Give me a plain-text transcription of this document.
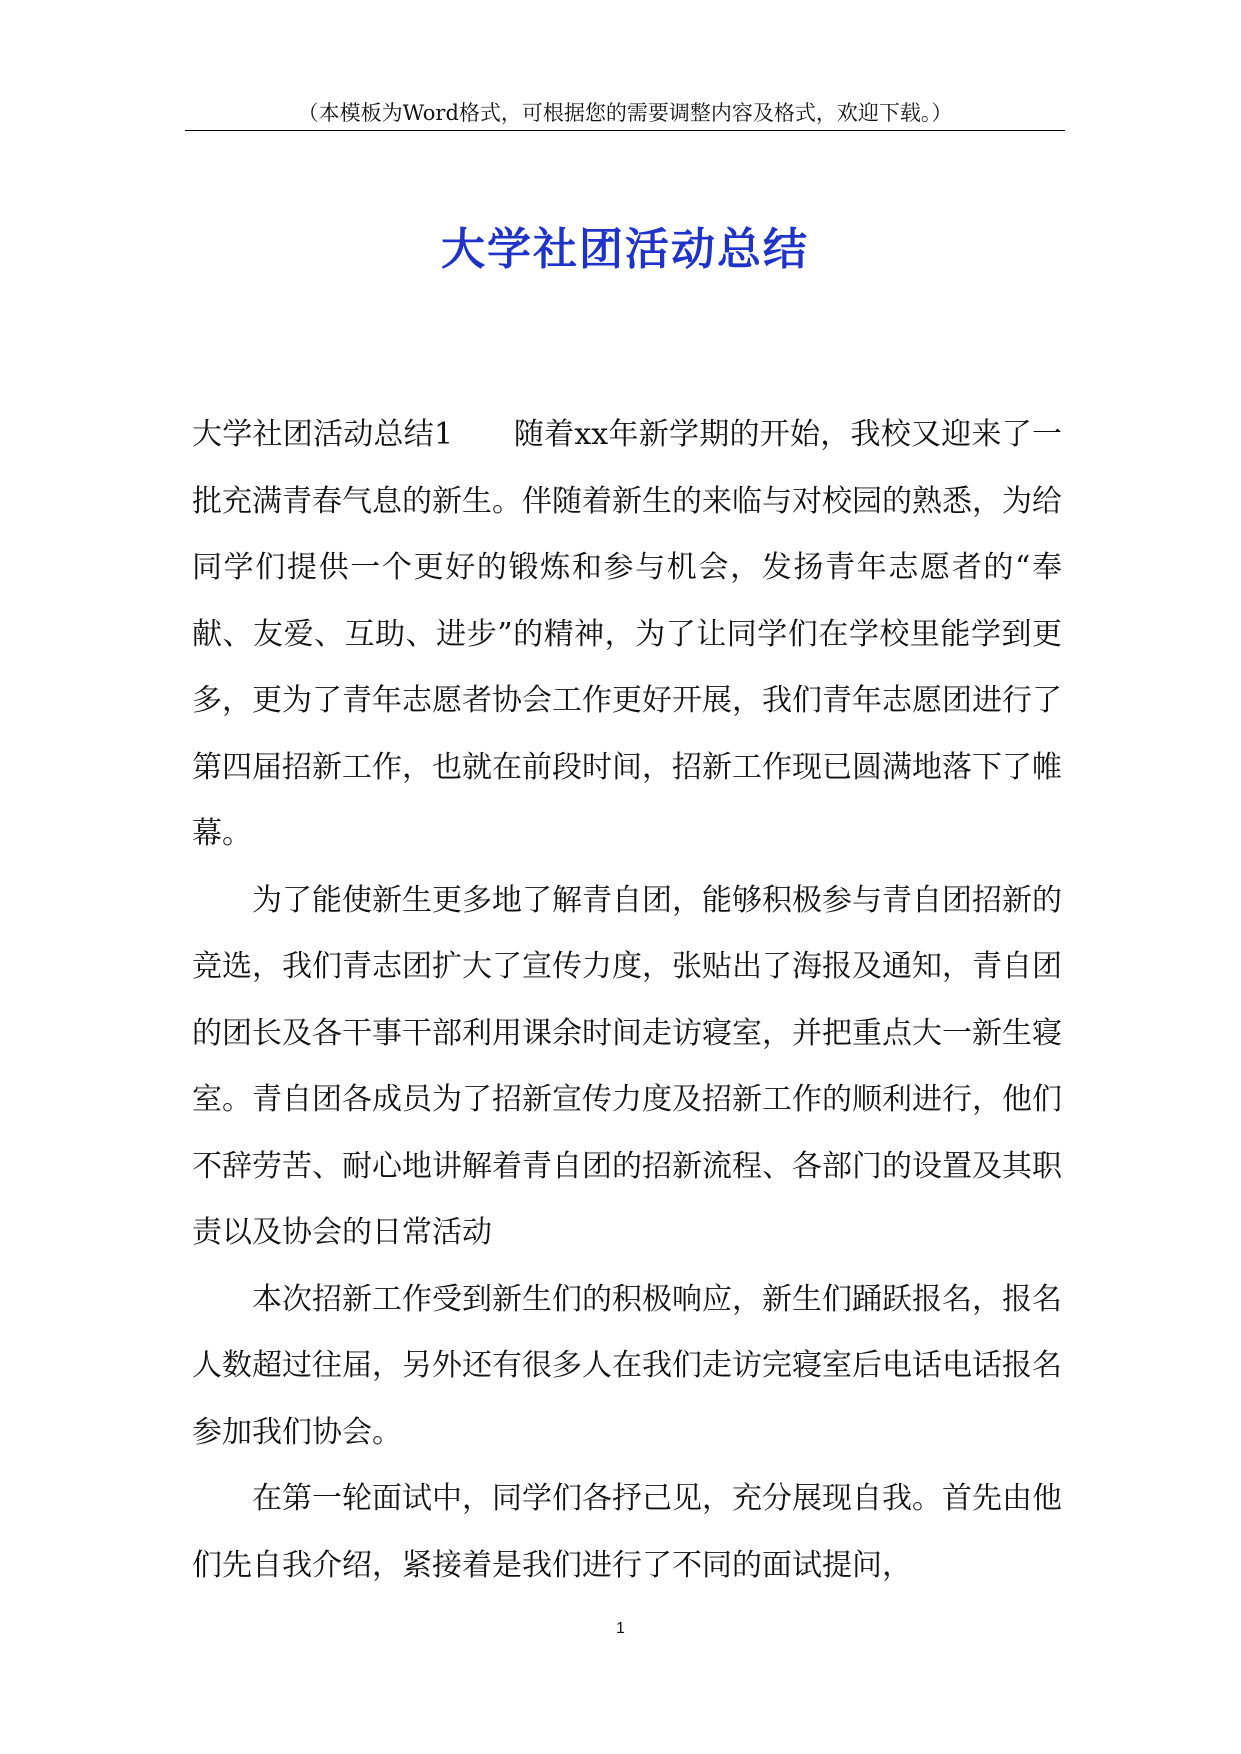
（本模板为Word格式，可根据您的需要调整内容及格式，欢迎下载。）
大学社团活动总结

大学社团活动总结1　　随着xx年新学期的开始，我校又迎来了一批充满青春气息的新生。伴随着新生的来临与对校园的熟悉，为给同学们提供一个更好的锻炼和参与机会，发扬青年志愿者的“奉献、友爱、互助、进步”的精神，为了让同学们在学校里能学到更多，更为了青年志愿者协会工作更好开展，我们青年志愿团进行了第四届招新工作，也就在前段时间，招新工作现已圆满地落下了帷幕。

为了能使新生更多地了解青自团，能够积极参与青自团招新的竞选，我们青志团扩大了宣传力度，张贴出了海报及通知，青自团的团长及各干事干部利用课余时间走访寝室，并把重点大一新生寝室。青自团各成员为了招新宣传力度及招新工作的顺利进行，他们不辞劳苦、耐心地讲解着青自团的招新流程、各部门的设置及其职责以及协会的日常活动

本次招新工作受到新生们的积极响应，新生们踊跃报名，报名人数超过往届，另外还有很多人在我们走访完寝室后电话电话报名参加我们协会。

在第一轮面试中，同学们各抒己见，充分展现自我。首先由他们先自我介绍，紧接着是我们进行了不同的面试提问，

1
